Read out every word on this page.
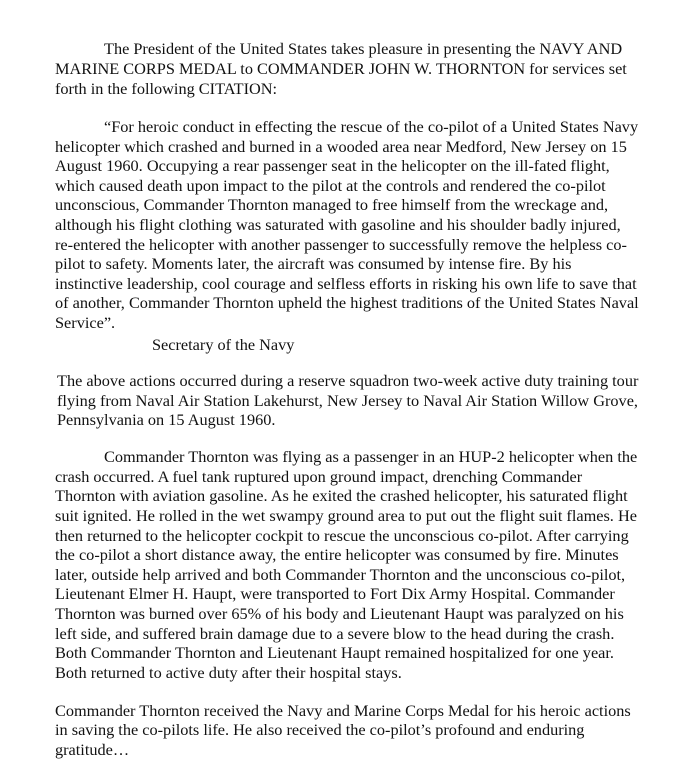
The President of the United States takes pleasure in presenting the NAVY AND
MARINE CORPS MEDAL to COMMANDER JOHN W. THORNTON for services set
forth in the following CITATION:
“For heroic conduct in effecting the rescue of the co-pilot of a United States Navy
helicopter which crashed and burned in a wooded area near Medford, New Jersey on 15
August 1960. Occupying a rear passenger seat in the helicopter on the ill-fated flight,
which caused death upon impact to the pilot at the controls and rendered the co-pilot
unconscious, Commander Thornton managed to free himself from the wreckage and,
although his flight clothing was saturated with gasoline and his shoulder badly injured,
re-entered the helicopter with another passenger to successfully remove the helpless co-
pilot to safety. Moments later, the aircraft was consumed by intense fire. By his
instinctive leadership, cool courage and selfless efforts in risking his own life to save that
of another, Commander Thornton upheld the highest traditions of the United States Naval
Service”.
Secretary of the Navy
The above actions occurred during a reserve squadron two-week active duty training tour
flying from Naval Air Station Lakehurst, New Jersey to Naval Air Station Willow Grove,
Pennsylvania on 15 August 1960.
Commander Thornton was flying as a passenger in an HUP-2 helicopter when the
crash occurred. A fuel tank ruptured upon ground impact, drenching Commander
Thornton with aviation gasoline. As he exited the crashed helicopter, his saturated flight
suit ignited. He rolled in the wet swampy ground area to put out the flight suit flames. He
then returned to the helicopter cockpit to rescue the unconscious co-pilot. After carrying
the co-pilot a short distance away, the entire helicopter was consumed by fire. Minutes
later, outside help arrived and both Commander Thornton and the unconscious co-pilot,
Lieutenant Elmer H. Haupt, were transported to Fort Dix Army Hospital. Commander
Thornton was burned over 65% of his body and Lieutenant Haupt was paralyzed on his
left side, and suffered brain damage due to a severe blow to the head during the crash.
Both Commander Thornton and Lieutenant Haupt remained hospitalized for one year.
Both returned to active duty after their hospital stays.
Commander Thornton received the Navy and Marine Corps Medal for his heroic actions
in saving the co-pilots life. He also received the co-pilot’s profound and enduring
gratitude…
